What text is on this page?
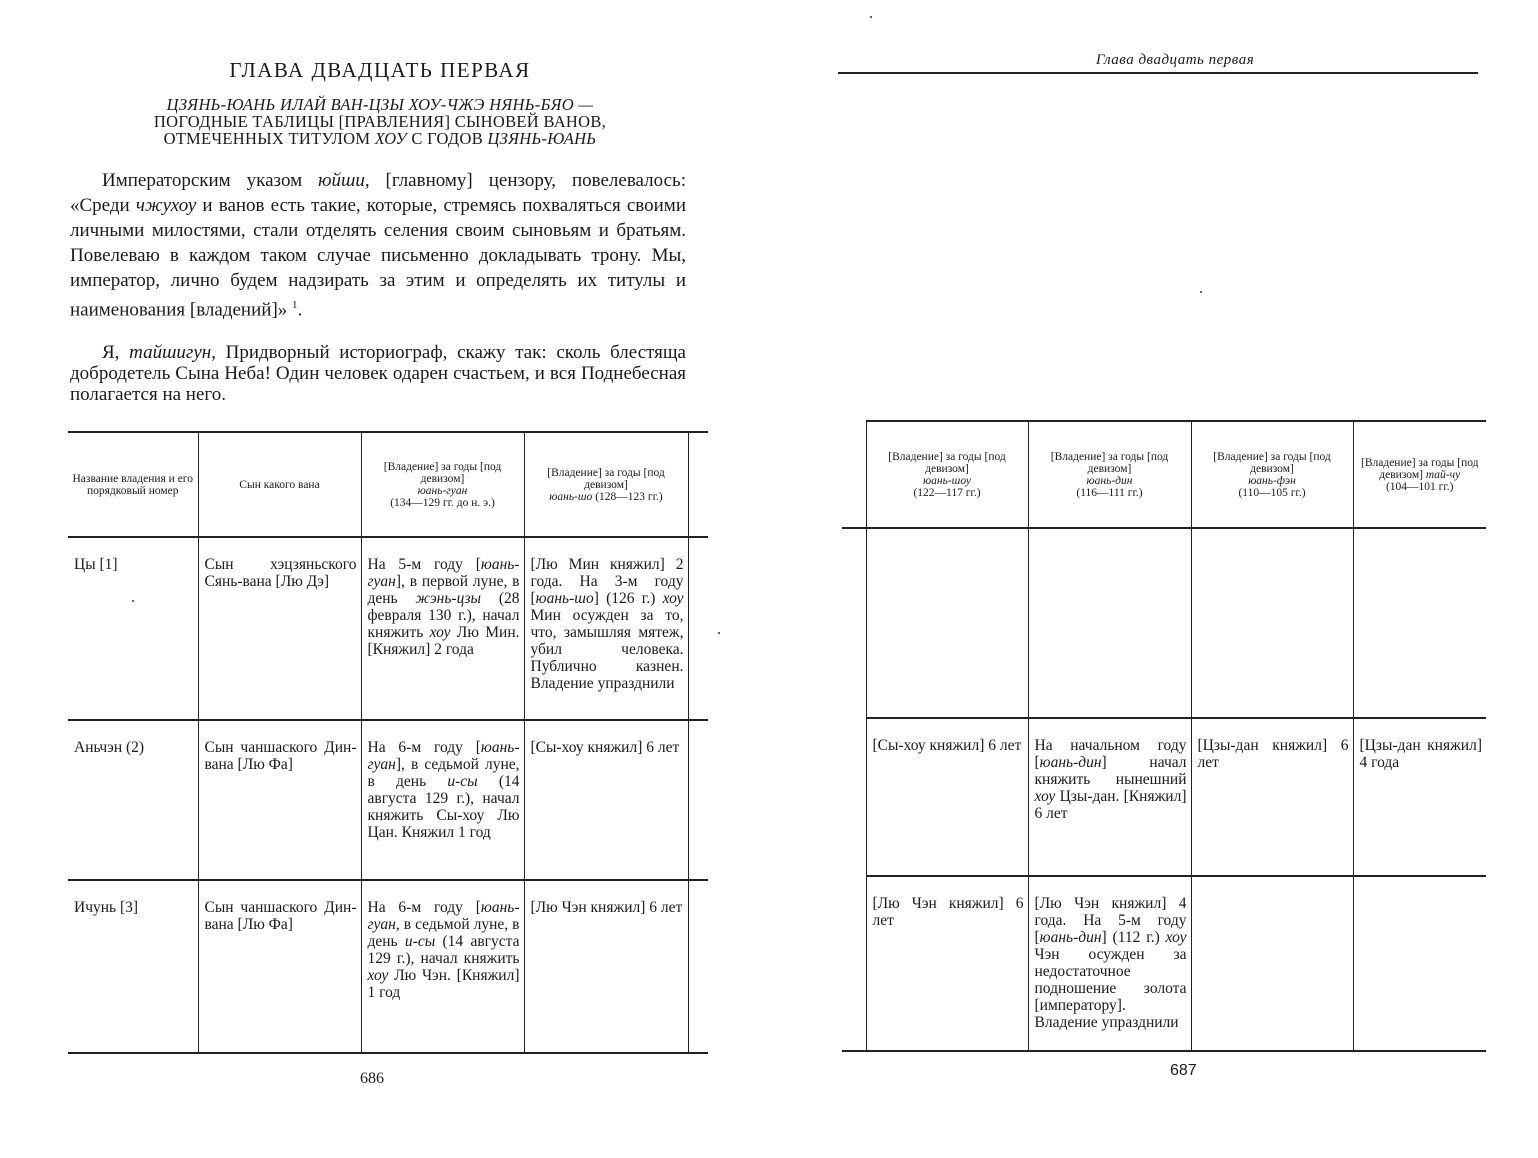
ГЛАВА ДВАДЦАТЬ ПЕРВАЯ
ЦЗЯНЬ-ЮАНЬ ИЛАЙ ВАН-ЦЗЫ ХОУ-ЧЖЭ НЯНЬ-БЯО —
ПОГОДНЫЕ ТАБЛИЦЫ [ПРАВЛЕНИЯ] СЫНОВЕЙ ВАНОВ,
ОТМЕЧЕННЫХ ТИТУЛОМ ХОУ С ГОДОВ ЦЗЯНЬ-ЮАНЬ
Императорским указом юйши, [главному] цензору, повелевалось: «Среди чжухоу и ванов есть такие, которые, стремясь похваляться своими личными милостями, стали отделять селения своим сыновьям и братьям. Повелеваю в каждом таком случае письменно докладывать трону. Мы, император, лично будем надзирать за этим и определять их титулы и наименования [владений]» $^1$.
Я, тайшигун, Придворный историограф, скажу так: сколь блестяща добродетель Сына Неба! Один человек одарен счастьем, и вся Поднебесная полагается на него.
Название владения и его порядковый номер	Сын какого вана	[Владение] за годы [под девизом]
юань-гуан
(134—129 гг. до н. э.)	[Владение] за годы [под девизом]
юань-шо (128—123 гг.)	

Цы [1]	Сын хэцзяньского Сянь-вана [Лю Дэ]	На 5-м году [юань-гуан], в первой луне, в день жэнь-цзы (28 февраля 130 г.), начал княжить хоу Лю Мин. [Княжил] 2 года	[Лю Мин княжил] 2 года. На 3-м году [юань-шо] (126 г.) хоу Мин осужден за то, что, замышляя мятеж, убил человека. Публично казнен. Владение упразднили	

Аньчэн (2)	Сын чаншаского Дин-вана [Лю Фа]	На 6-м году [юань-гуан], в седьмой луне, в день и-сы (14 августа 129 г.), начал княжить Сы-хоу Лю Цан. Княжил 1 год	[Сы-хоу княжил] 6 лет	

Ичунь [3]	Сын чаншаского Дин-вана [Лю Фа]	На 6-м году [юань-гуан, в седьмой луне, в день и-сы (14 августа 129 г.), начал княжить хоу Лю Чэн. [Княжил] 1 год	[Лю Чэн княжил] 6 лет	

686
Глава двадцать первая

	[Владение] за годы [под девизом]
юань-шоу
(122—117 гг.)	[Владение] за годы [под девизом]
юань-дин
(116—111 гг.)	[Владение] за годы [под девизом]
юань-фэн
(110—105 гг.)	[Владение] за годы [под девизом] тай-чу
(104—101 гг.)

	[Сы-хоу княжил] 6 лет	На начальном году [юань-дин] начал княжить нынешний хоу Цзы-дан. [Княжил] 6 лет	[Цзы-дан княжил] 6 лет	[Цзы-дан княжил] 4 года

	[Лю Чэн княжил] 6 лет	[Лю Чэн княжил] 4 года. На 5-м году [юань-дин] (112 г.) хоу Чэн осужден за недостаточное подношение золота [императору]. Владение упразднили		

687
